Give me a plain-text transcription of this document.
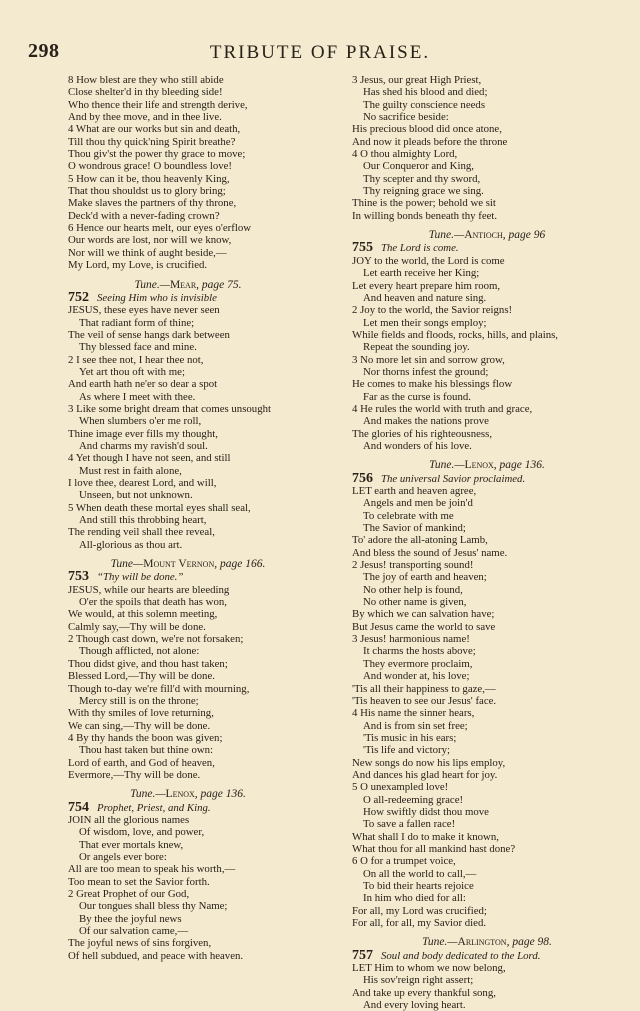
298	TRIBUTE OF PRAISE.
8 How blest are they who still abide
Close shelter'd in thy bleeding side!
Who thence their life and strength derive,
And by thee move, and in thee live.
4 What are our works but sin and death,
Till thou thy quick'ning Spirit breathe?
Thou giv'st the power thy grace to move;
O wondrous grace! O boundless love!
5 How can it be, thou heavenly King,
That thou shouldst us to glory bring;
Make slaves the partners of thy throne,
Deck'd with a never-fading crown?
6 Hence our hearts melt, our eyes o'erflow
Our words are lost, nor will we know,
Nor will we think of aught beside,—
My Lord, my Love, is crucified.
Tune.—Mear, page 75.
752 Seeing Him who is invisible
JESUS, these eyes have never seen
That radiant form of thine;
The veil of sense hangs dark between
Thy blessed face and mine.
2 I see thee not, I hear thee not,
Yet art thou oft with me;
And earth hath ne'er so dear a spot
As where I meet with thee.
3 Like some bright dream that comes unsought
When slumbers o'er me roll,
Thine image ever fills my thought,
And charms my ravish'd soul.
4 Yet though I have not seen, and still
Must rest in faith alone,
I love thee, dearest Lord, and will,
Unseen, but not unknown.
5 When death these mortal eyes shall seal,
And still this throbbing heart,
The rending veil shall thee reveal,
All-glorious as thou art.
Tune—Mount Vernon, page 166.
753 “Thy will be done.”
JESUS, while our hearts are bleeding
O'er the spoils that death has won,
We would, at this solemn meeting,
Calmly say,—Thy will be done.
2 Though cast down, we're not forsaken;
Though afflicted, not alone:
Thou didst give, and thou hast taken;
Blessed Lord,—Thy will be done.
Though to-day we're fill'd with mourning,
Mercy still is on the throne;
With thy smiles of love returning,
We can sing,—Thy will be done.
4 By thy hands the boon was given;
Thou hast taken but thine own:
Lord of earth, and God of heaven,
Evermore,—Thy will be done.
Tune.—Lenox, page 136.
754 Prophet, Priest, and King.
JOIN all the glorious names
Of wisdom, love, and power,
That ever mortals knew,
Or angels ever bore:
All are too mean to speak his worth,—
Too mean to set the Savior forth.
2 Great Prophet of our God,
Our tongues shall bless thy Name;
By thee the joyful news
Of our salvation came,—
The joyful news of sins forgiven,
Of hell subdued, and peace with heaven.
3 Jesus, our great High Priest,
Has shed his blood and died;
The guilty conscience needs
No sacrifice beside:
His precious blood did once atone,
And now it pleads before the throne
4 O thou almighty Lord,
Our Conqueror and King,
Thy scepter and thy sword,
Thy reigning grace we sing.
Thine is the power; behold we sit
In willing bonds beneath thy feet.
Tune.—Antioch, page 96
755 The Lord is come.
JOY to the world, the Lord is come
Let earth receive her King;
Let every heart prepare him room,
And heaven and nature sing.
2 Joy to the world, the Savior reigns!
Let men their songs employ;
While fields and floods, rocks, hills, and plains,
Repeat the sounding joy.
3 No more let sin and sorrow grow,
Nor thorns infest the ground;
He comes to make his blessings flow
Far as the curse is found.
4 He rules the world with truth and grace,
And makes the nations prove
The glories of his righteousness,
And wonders of his love.
Tune.—Lenox, page 136.
756 The universal Savior proclaimed.
LET earth and heaven agree,
Angels and men be join'd
To celebrate with me
The Savior of mankind;
To' adore the all-atoning Lamb,
And bless the sound of Jesus' name.
2 Jesus! transporting sound!
The joy of earth and heaven;
No other help is found,
No other name is given,
By which we can salvation have;
But Jesus came the world to save
3 Jesus! harmonious name!
It charms the hosts above;
They evermore proclaim,
And wonder at, his love;
'Tis all their happiness to gaze,—
'Tis heaven to see our Jesus' face.
4 His name the sinner hears,
And is from sin set free;
'Tis music in his ears;
'Tis life and victory;
New songs do now his lips employ,
And dances his glad heart for joy.
5 O unexampled love!
O all-redeeming grace!
How swiftly didst thou move
To save a fallen race!
What shall I do to make it known,
What thou for all mankind hast done?
6 O for a trumpet voice,
On all the world to call,—
To bid their hearts rejoice
In him who died for all:
For all, my Lord was crucified;
For all, for all, my Savior died.
Tune.—Arlington, page 98.
757 Soul and body dedicated to the Lord.
LET Him to whom we now belong,
His sov'reign right assert;
And take up every thankful song,
And every loving heart.
